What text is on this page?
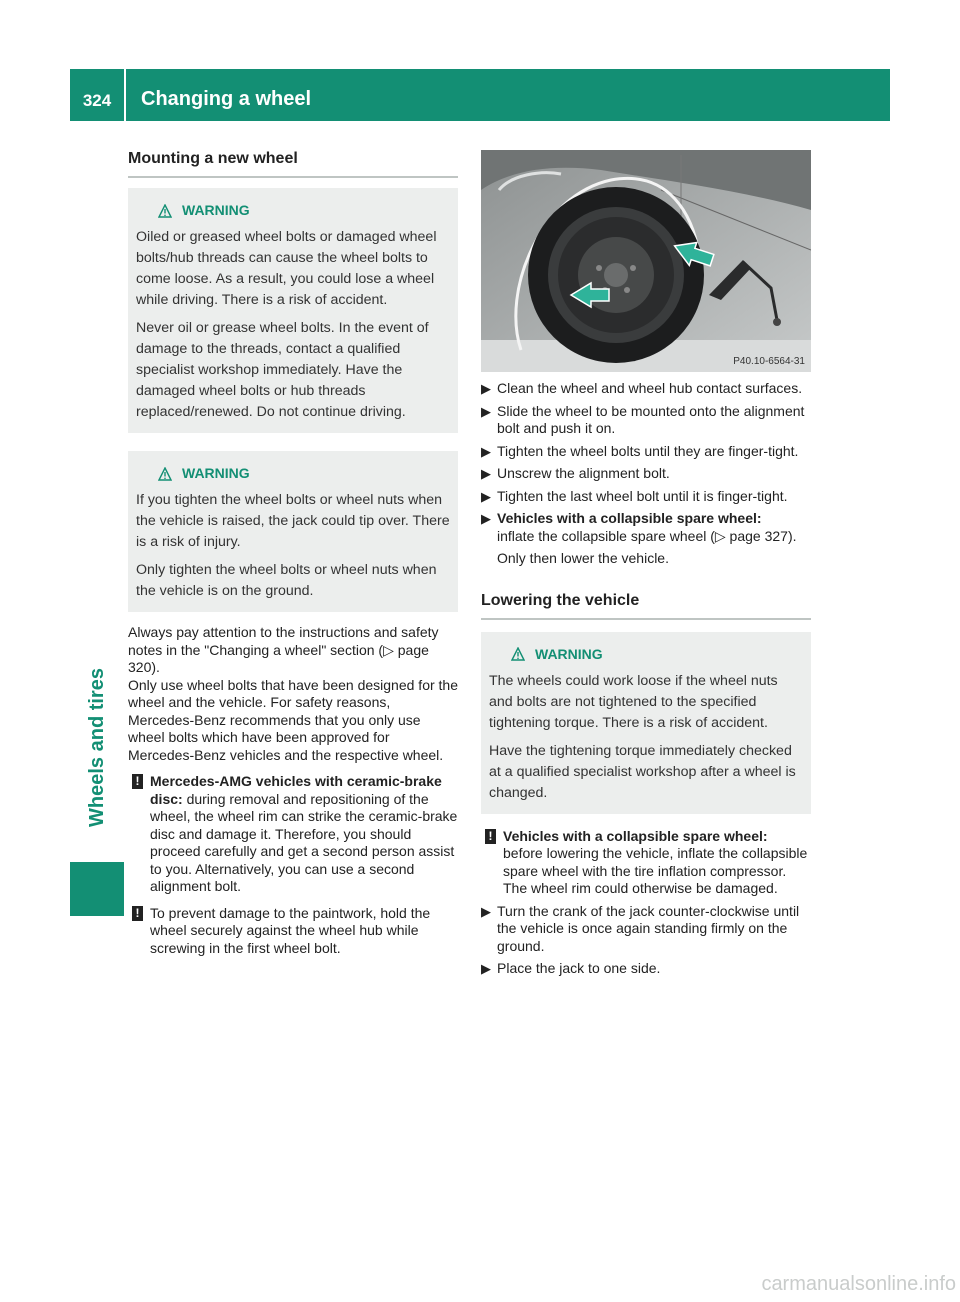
324	Changing a wheel
Wheels and tires
Mounting a new wheel
WARNING

Oiled or greased wheel bolts or damaged wheel bolts/hub threads can cause the wheel bolts to come loose. As a result, you could lose a wheel while driving. There is a risk of accident.

Never oil or grease wheel bolts. In the event of damage to the threads, contact a qualified specialist workshop immediately. Have the damaged wheel bolts or hub threads replaced/renewed. Do not continue driving.

WARNING

If you tighten the wheel bolts or wheel nuts when the vehicle is raised, the jack could tip over. There is a risk of injury.

Only tighten the wheel bolts or wheel nuts when the vehicle is on the ground.

Always pay attention to the instructions and safety notes in the "Changing a wheel" section (▷ page 320).

Only use wheel bolts that have been designed for the wheel and the vehicle. For safety reasons, Mercedes-Benz recommends that you only use wheel bolts which have been approved for Mercedes-Benz vehicles and the respective wheel.

! Mercedes-AMG vehicles with ceramic-brake disc: during removal and repositioning of the wheel, the wheel rim can strike the ceramic-brake disc and damage it. Therefore, you should proceed carefully and get a second person assist to you. Alternatively, you can use a second alignment bolt.
! To prevent damage to the paintwork, hold the wheel securely against the wheel hub while screwing in the first wheel bolt.
P40.10-6564-31
▶ Clean the wheel and wheel hub contact surfaces.
▶ Slide the wheel to be mounted onto the alignment bolt and push it on.
▶ Tighten the wheel bolts until they are finger-tight.
▶ Unscrew the alignment bolt.
▶ Tighten the last wheel bolt until it is finger-tight.
▶ Vehicles with a collapsible spare wheel:
inflate the collapsible spare wheel (▷ page 327).
Only then lower the vehicle.
Lowering the vehicle
WARNING

The wheels could work loose if the wheel nuts and bolts are not tightened to the specified tightening torque. There is a risk of accident.

Have the tightening torque immediately checked at a qualified specialist workshop after a wheel is changed.

! Vehicles with a collapsible spare wheel:
before lowering the vehicle, inflate the collapsible spare wheel with the tire inflation compressor. The wheel rim could otherwise be damaged.
▶ Turn the crank of the jack counter-clockwise until the vehicle is once again standing firmly on the ground.
▶ Place the jack to one side.
carmanualsonline.info
